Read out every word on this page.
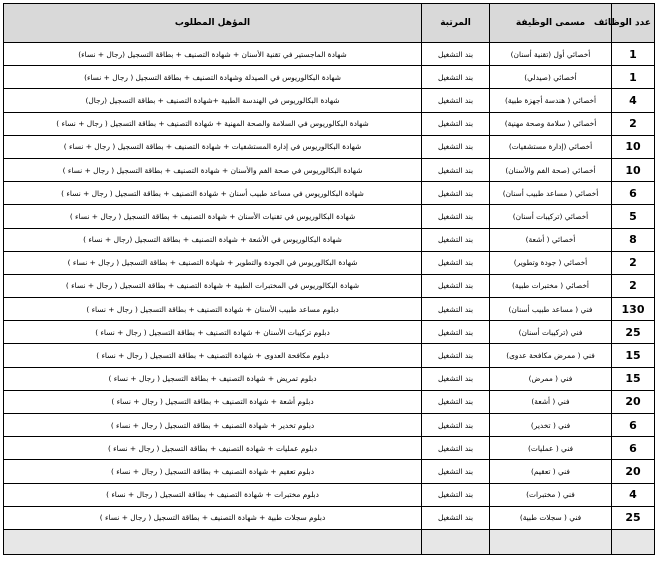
عدد الوظائف	مسمى الوظيفة	المرتبة	المؤهل المطلوب
1	أخصائي أول (تقنية أسنان)	بند التشغيل	شهادة الماجستير في تقنية الأسنان + شهادة التصنيف + بطاقة التسجيل (رجال + نساء)
1	أخصائي (صيدلي)	بند التشغيل	شهادة البكالوريوس في الصيدلة وشهادة التصنيف + بطاقة التسجيل ( رجال + نساء)
4	أخصائي ( هندسة أجهزة طبية)	بند التشغيل	شهادة البكالوريوس في الهندسة الطبية +شهادة التصنيف + بطاقة التسجيل (رجال)
2	أخصائي ( سلامة وصحة مهنية)	بند التشغيل	شهادة البكالوريوس في السلامة والصحة المهنية + شهادة التصنيف + بطاقة التسجيل ( رجال + نساء )
10	أخصائي (إدارة مستشفيات)	بند التشغيل	شهادة البكالوريوس في إدارة المستشفيات + شهادة التصنيف + بطاقة التسجيل ( رجال + نساء )
10	أخصائي (صحة الفم والأسنان)	بند التشغيل	شهادة البكالوريوس في صحة الفم والأسنان + شهادة التصنيف + بطاقة التسجيل ( رجال + نساء )
6	أخصائي ( مساعد طبيب أسنان)	بند التشغيل	شهادة البكالوريوس في مساعد طبيب أسنان + شهادة التصنيف + بطاقة التسجيل ( رجال + نساء )
5	أخصائي (تركيبات أسنان)	بند التشغيل	شهادة البكالوريوس في تقنيات الأسنان + شهادة التصنيف + بطاقة التسجيل ( رجال + نساء )
8	أخصائي ( أشعة)	بند التشغيل	شهادة البكالوريوس في الأشعة + شهادة التصنيف + بطاقة التسجيل (رجال + نساء )
2	أخصائي ( جودة وتطوير)	بند التشغيل	شهادة البكالوريوس في الجودة والتطوير + شهادة التصنيف + بطاقة التسجيل ( رجال + نساء )
2	أخصائي ( مختبرات طبية)	بند التشغيل	شهادة البكالوريوس في المختبرات الطبية + شهادة التصنيف + بطاقة التسجيل ( رجال + نساء )
130	فني ( مساعد طبيب أسنان)	بند التشغيل	دبلوم مساعد طبيب الأسنان + شهادة التصنيف + بطاقة التسجيل ( رجال + نساء )
25	فني (تركيبات أسنان)	بند التشغيل	دبلوم تركيبات الأسنان + شهادة التصنيف + بطاقة التسجيل ( رجال + نساء )
15	فني ( ممرض مكافحة عدوى)	بند التشغيل	دبلوم مكافحة العدوى + شهادة التصنيف + بطاقة التسجيل ( رجال + نساء )
15	فني ( ممرض)	بند التشغيل	دبلوم تمريض + شهادة التصنيف + بطاقة التسجيل ( رجال + نساء )
20	فني ( أشعة)	بند التشغيل	دبلوم أشعة + شهادة التصنيف + بطاقة التسجيل ( رجال + نساء )
6	فني ( تخدير)	بند التشغيل	دبلوم تخدير + شهادة التصنيف + بطاقة التسجيل ( رجال + نساء )
6	فني ( عمليات)	بند التشغيل	دبلوم عمليات + شهادة التصنيف + بطاقة التسجيل ( رجال + نساء )
20	فني ( تعقيم)	بند التشغيل	دبلوم تعقيم + شهادة التصنيف + بطاقة التسجيل ( رجال + نساء )
4	فني ( مختبرات)	بند التشغيل	دبلوم مختبرات + شهادة التصنيف + بطاقة التسجيل ( رجال + نساء )
25	فني ( سجلات طبية)	بند التشغيل	دبلوم سجلات طبية + شهادة التصنيف + بطاقة التسجيل ( رجال + نساء )
